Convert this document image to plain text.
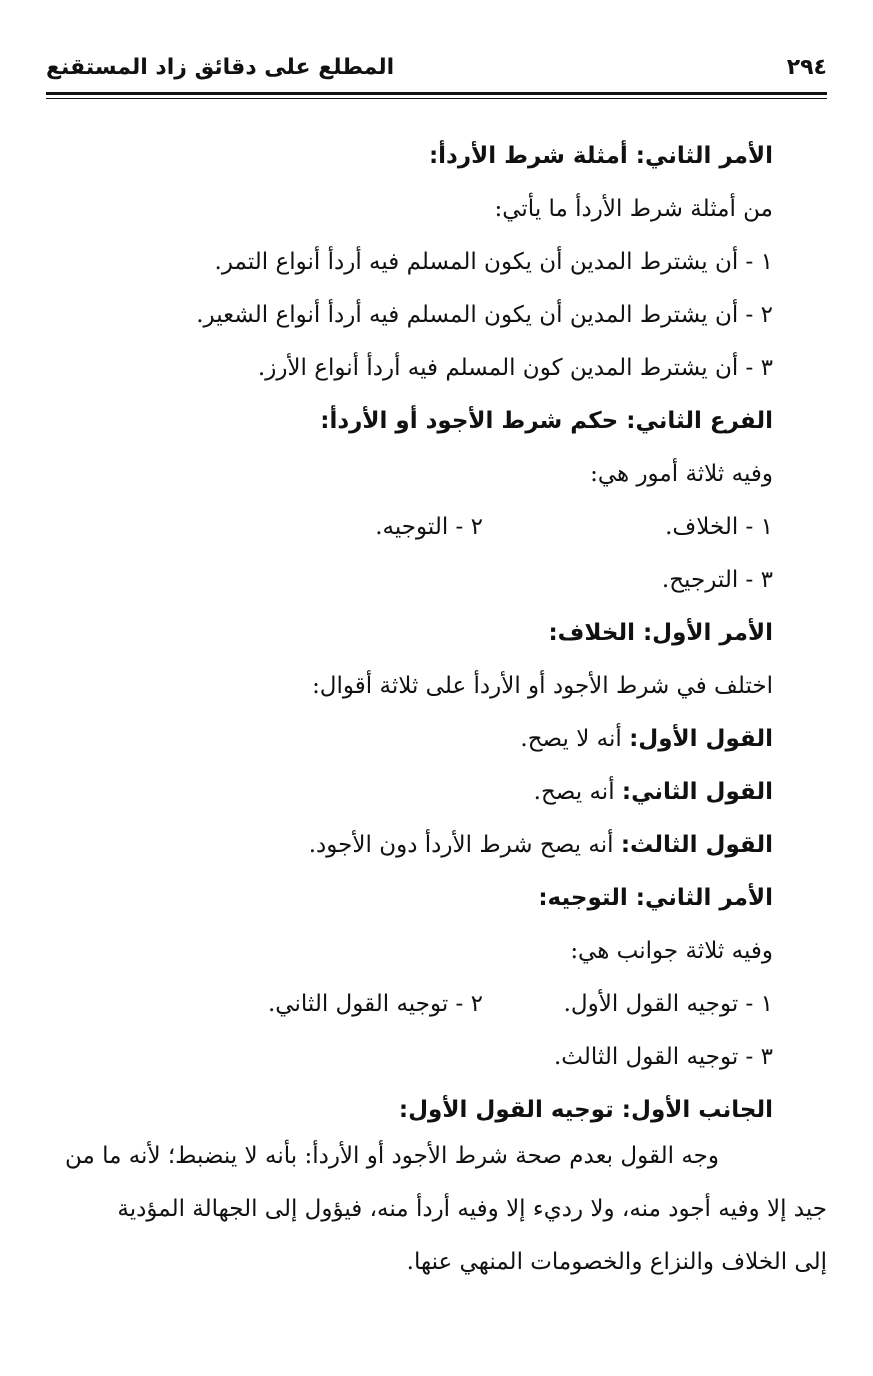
٢٩٤
المطلع على دقائق زاد المستقنع
الأمر الثاني: أمثلة شرط الأردأ:
من أمثلة شرط الأردأ ما يأتي:
١ - أن يشترط المدين أن يكون المسلم فيه أردأ أنواع التمر.
٢ - أن يشترط المدين أن يكون المسلم فيه أردأ أنواع الشعير.
٣ - أن يشترط المدين كون المسلم فيه أردأ أنواع الأرز.
الفرع الثاني: حكم شرط الأجود أو الأردأ:
وفيه ثلاثة أمور هي:
١ - الخلاف.
٢ - التوجيه.
٣ - الترجيح.
الأمر الأول: الخلاف:
اختلف في شرط الأجود أو الأردأ على ثلاثة أقوال:
القول الأول: أنه لا يصح.
القول الثاني: أنه يصح.
القول الثالث: أنه يصح شرط الأردأ دون الأجود.
الأمر الثاني: التوجيه:
وفيه ثلاثة جوانب هي:
١ - توجيه القول الأول.
٢ - توجيه القول الثاني.
٣ - توجيه القول الثالث.
الجانب الأول: توجيه القول الأول:
وجه القول بعدم صحة شرط الأجود أو الأردأ: بأنه لا ينضبط؛ لأنه ما من
جيد إلا وفيه أجود منه، ولا رديء إلا وفيه أردأ منه، فيؤول إلى الجهالة المؤدية
إلى الخلاف والنزاع والخصومات المنهي عنها.
